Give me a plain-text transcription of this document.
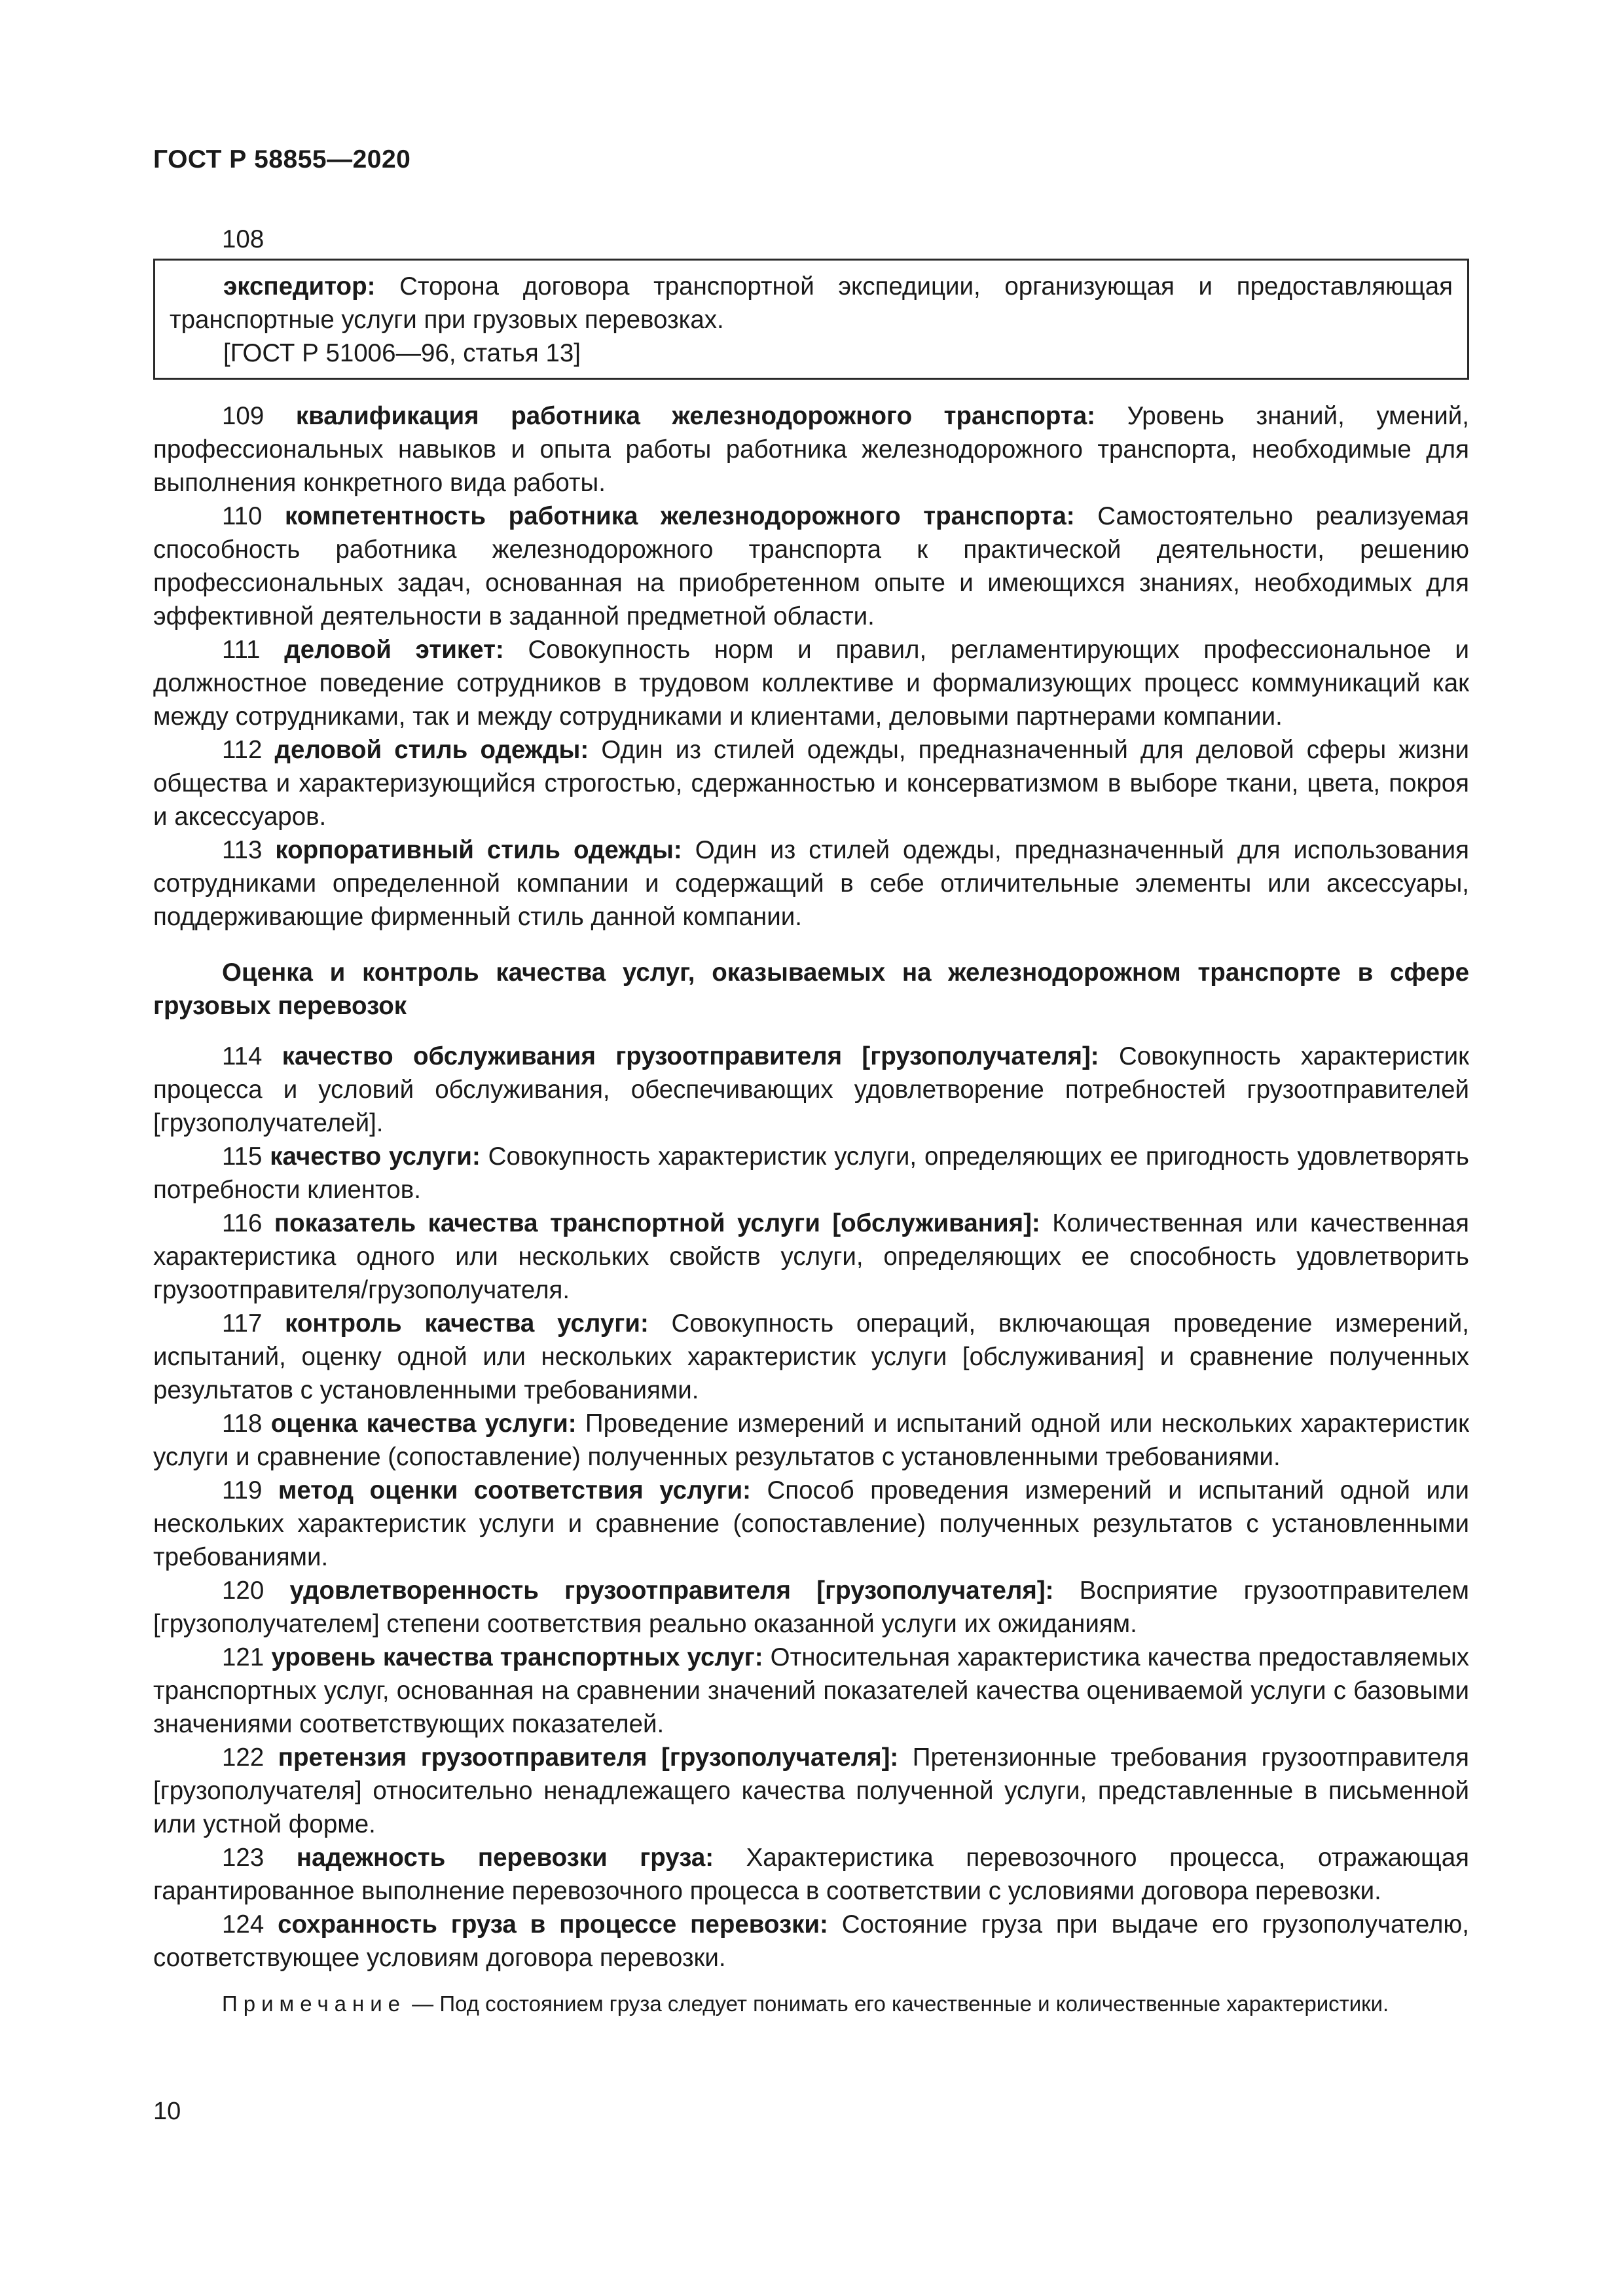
ГОСТ Р 58855—2020
108

экспедитор: Сторона договора транспортной экспедиции, организующая и предоставляющая транспортные услуги при грузовых перевозках.

[ГОСТ Р 51006—96, статья 13]

109 квалификация работника железнодорожного транспорта: Уровень знаний, умений, профессиональных навыков и опыта работы работника железнодорожного транспорта, необходимые для выполнения конкретного вида работы.

110 компетентность работника железнодорожного транспорта: Самостоятельно реализуемая способность работника железнодорожного транспорта к практической деятельности, решению профессиональных задач, основанная на приобретенном опыте и имеющихся знаниях, необходимых для эффективной деятельности в заданной предметной области.

111 деловой этикет: Совокупность норм и правил, регламентирующих профессиональное и должностное поведение сотрудников в трудовом коллективе и формализующих процесс коммуникаций как между сотрудниками, так и между сотрудниками и клиентами, деловыми партнерами компании.

112 деловой стиль одежды: Один из стилей одежды, предназначенный для деловой сферы жизни общества и характеризующийся строгостью, сдержанностью и консерватизмом в выборе ткани, цвета, покроя и аксессуаров.

113 корпоративный стиль одежды: Один из стилей одежды, предназначенный для использования сотрудниками определенной компании и содержащий в себе отличительные элементы или аксессуары, поддерживающие фирменный стиль данной компании.

Оценка и контроль качества услуг, оказываемых на железнодорожном транспорте в сфере грузовых перевозок

114 качество обслуживания грузоотправителя [грузополучателя]: Совокупность характеристик процесса и условий обслуживания, обеспечивающих удовлетворение потребностей грузоотправителей [грузополучателей].

115 качество услуги: Совокупность характеристик услуги, определяющих ее пригодность удовлетворять потребности клиентов.

116 показатель качества транспортной услуги [обслуживания]: Количественная или качественная характеристика одного или нескольких свойств услуги, определяющих ее способность удовлетворить грузоотправителя/грузополучателя.

117 контроль качества услуги: Совокупность операций, включающая проведение измерений, испытаний, оценку одной или нескольких характеристик услуги [обслуживания] и сравнение полученных результатов с установленными требованиями.

118 оценка качества услуги: Проведение измерений и испытаний одной или нескольких характеристик услуги и сравнение (сопоставление) полученных результатов с установленными требованиями.

119 метод оценки соответствия услуги: Способ проведения измерений и испытаний одной или нескольких характеристик услуги и сравнение (сопоставление) полученных результатов с установленными требованиями.

120 удовлетворенность грузоотправителя [грузополучателя]: Восприятие грузоотправителем [грузополучателем] степени соответствия реально оказанной услуги их ожиданиям.

121 уровень качества транспортных услуг: Относительная характеристика качества предоставляемых транспортных услуг, основанная на сравнении значений показателей качества оцениваемой услуги с базовыми значениями соответствующих показателей.

122 претензия грузоотправителя [грузополучателя]: Претензионные требования грузоотправителя [грузополучателя] относительно ненадлежащего качества полученной услуги, представленные в письменной или устной форме.

123 надежность перевозки груза: Характеристика перевозочного процесса, отражающая гарантированное выполнение перевозочного процесса в соответствии с условиями договора перевозки.

124 сохранность груза в процессе перевозки: Состояние груза при выдаче его грузополучателю, соответствующее условиям договора перевозки.

Примечание — Под состоянием груза следует понимать его качественные и количественные характеристики.

10
